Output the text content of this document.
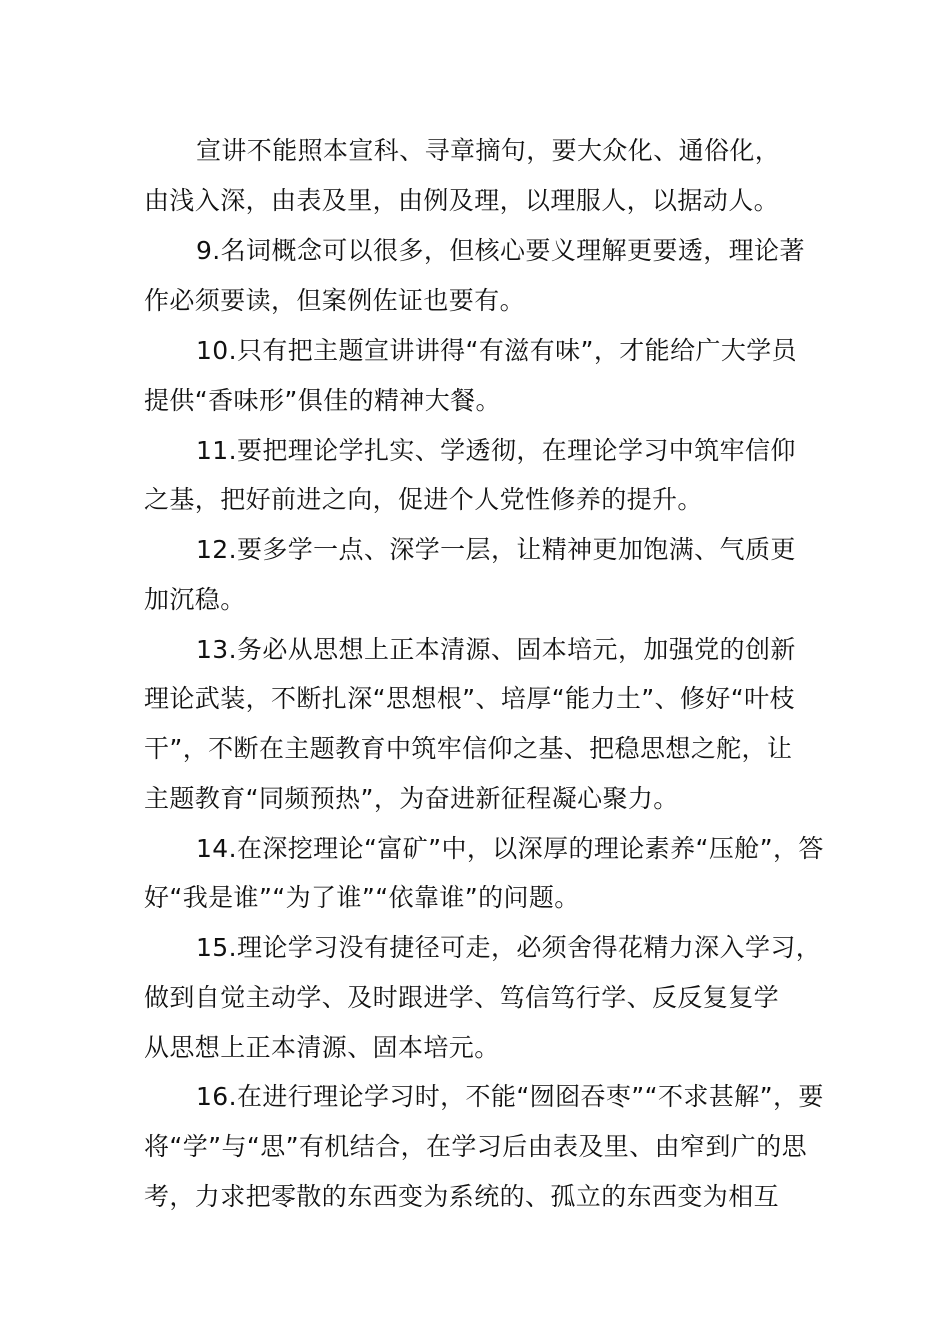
宣讲不能照本宣科、寻章摘句，要大众化、通俗化，
由浅入深，由表及里，由例及理，以理服人，以据动人。
9.名词概念可以很多，但核心要义理解更要透，理论著
作必须要读，但案例佐证也要有。
10.只有把主题宣讲讲得“有滋有味”，才能给广大学员
提供“香味形”俱佳的精神大餐。
11.要把理论学扎实、学透彻，在理论学习中筑牢信仰
之基，把好前进之向，促进个人党性修养的提升。
12.要多学一点、深学一层，让精神更加饱满、气质更
加沉稳。
13.务必从思想上正本清源、固本培元，加强党的创新
理论武装，不断扎深“思想根”、培厚“能力土”、修好“叶枝
干”，不断在主题教育中筑牢信仰之基、把稳思想之舵，让
主题教育“同频预热”，为奋进新征程凝心聚力。
14.在深挖理论“富矿”中，以深厚的理论素养“压舱”，答
好“我是谁”“为了谁”“依靠谁”的问题。
15.理论学习没有捷径可走，必须舍得花精力深入学习，
做到自觉主动学、及时跟进学、笃信笃行学、反反复复学
从思想上正本清源、固本培元。
16.在进行理论学习时，不能“囫囵吞枣”“不求甚解”，要
将“学”与“思”有机结合，在学习后由表及里、由窄到广的思
考，力求把零散的东西变为系统的、孤立的东西变为相互
